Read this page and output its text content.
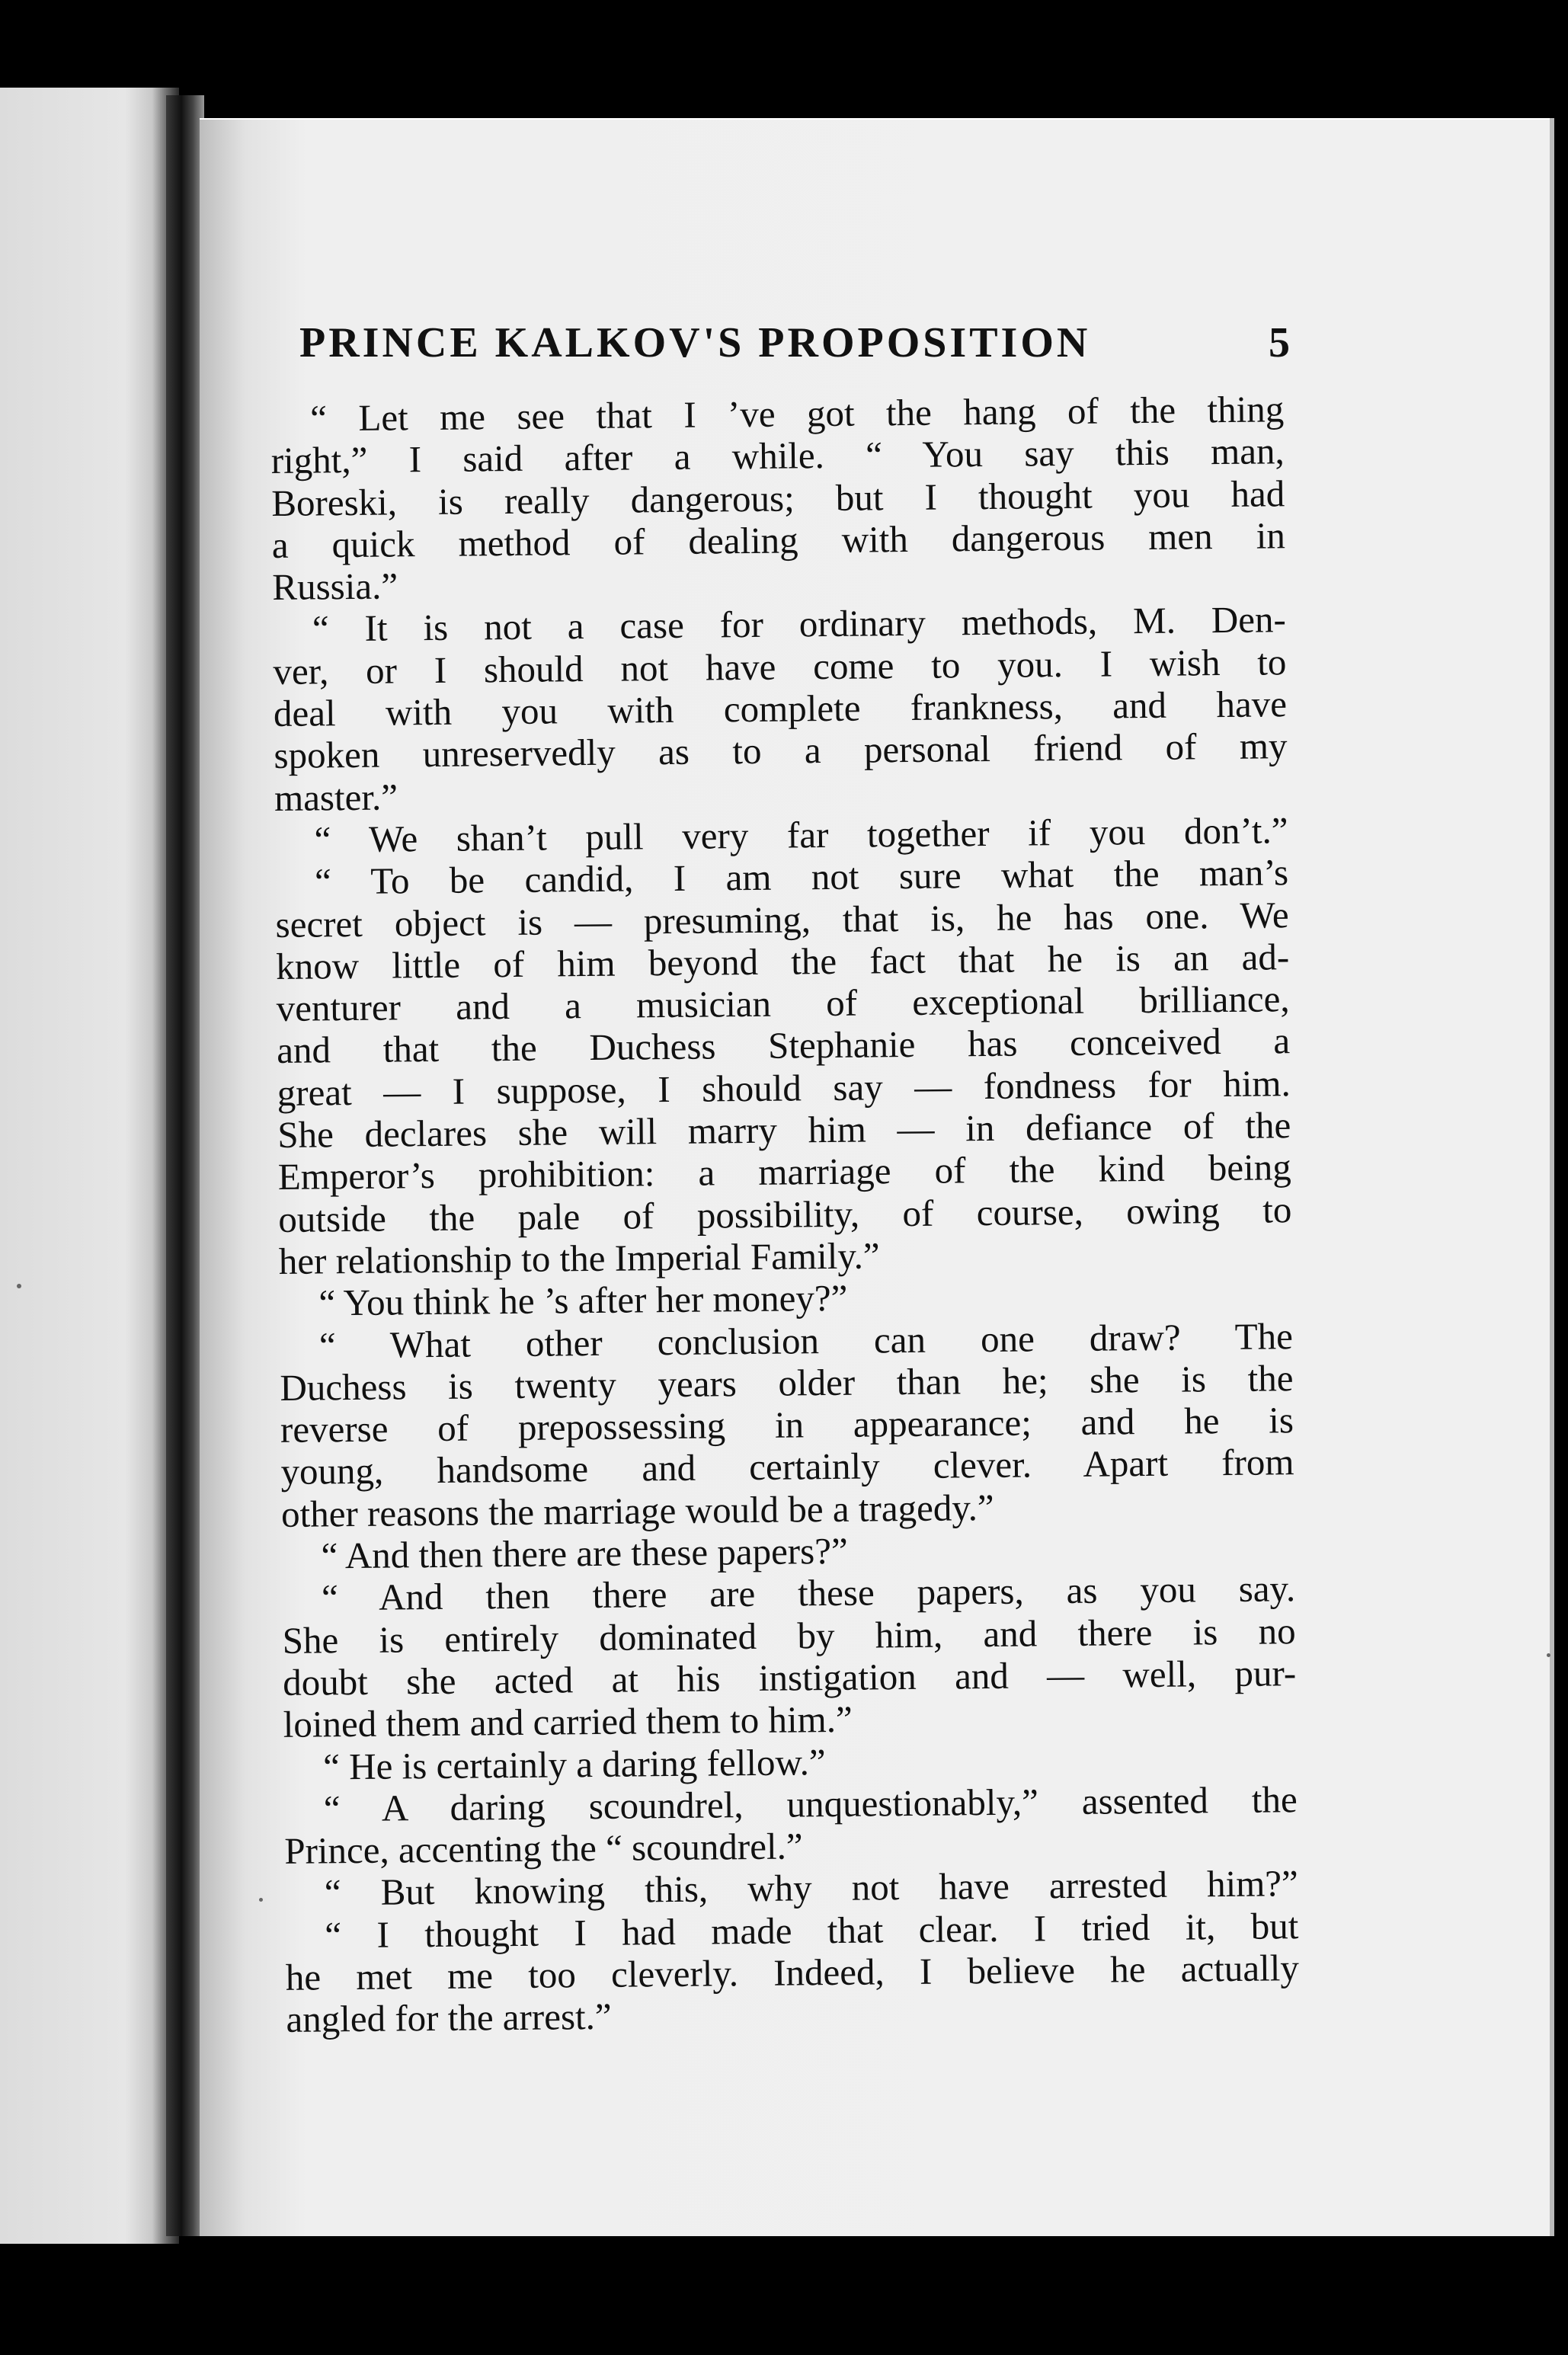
PRINCE KALKOV'S PROPOSITION	5
“ Let me see that I ’ve got the hang of the thing
right,” I said after a while. “ You say this man,
Boreski, is really dangerous; but I thought you had
a quick method of dealing with dangerous men in
Russia.”
“ It is not a case for ordinary methods, M. Den-
ver, or I should not have come to you. I wish to
deal with you with complete frankness, and have
spoken unreservedly as to a personal friend of my
master.”
“ We shan’t pull very far together if you don’t.”
“ To be candid, I am not sure what the man’s
secret object is — presuming, that is, he has one. We
know little of him beyond the fact that he is an ad-
venturer and a musician of exceptional brilliance,
and that the Duchess Stephanie has conceived a
great — I suppose, I should say — fondness for him.
She declares she will marry him — in defiance of the
Emperor’s prohibition: a marriage of the kind being
outside the pale of possibility, of course, owing to
her relationship to the Imperial Family.”
“ You think he ’s after her money?”
“ What other conclusion can one draw? The
Duchess is twenty years older than he; she is the
reverse of prepossessing in appearance; and he is
young, handsome and certainly clever. Apart from
other reasons the marriage would be a tragedy.”
“ And then there are these papers?”
“ And then there are these papers, as you say.
She is entirely dominated by him, and there is no
doubt she acted at his instigation and — well, pur-
loined them and carried them to him.”
“ He is certainly a daring fellow.”
“ A daring scoundrel, unquestionably,” assented the
Prince, accenting the “ scoundrel.”
“ But knowing this, why not have arrested him?”
“ I thought I had made that clear. I tried it, but
he met me too cleverly. Indeed, I believe he actually
angled for the arrest.”
